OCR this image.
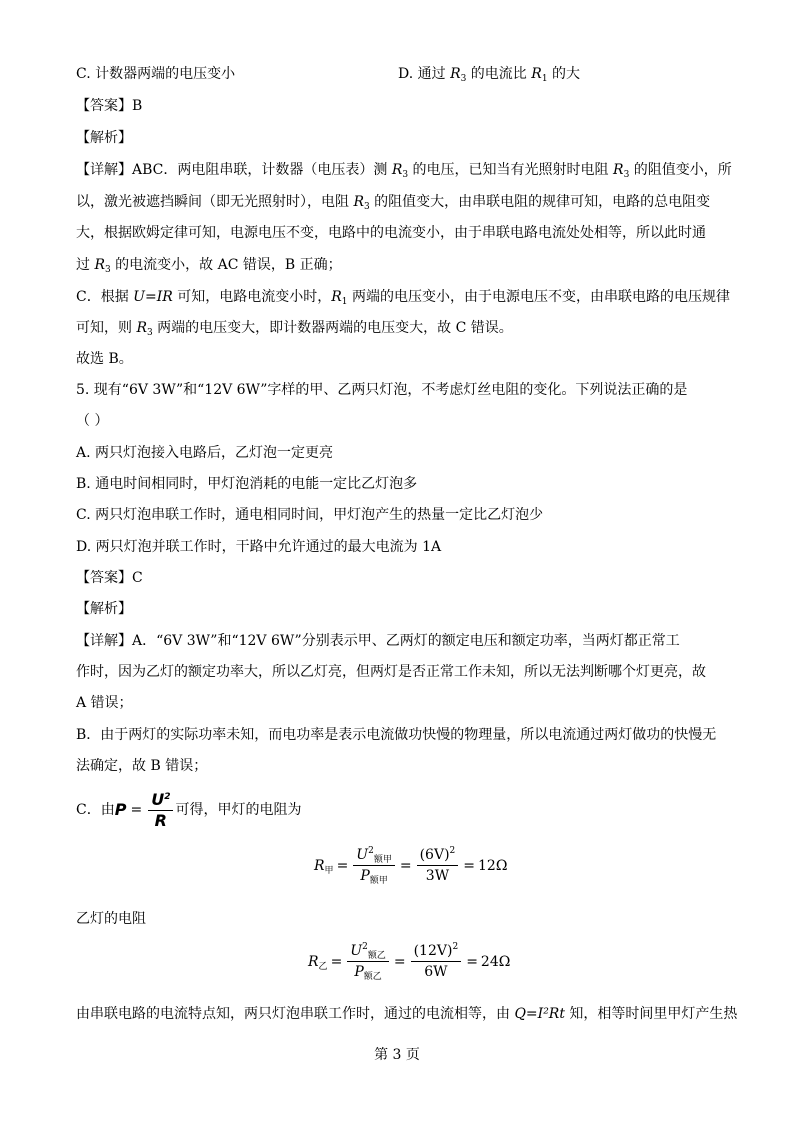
C. 计数器两端的电压变小	D. 通过 $R_3$ 的电流比 $R_1$ 的大
【答案】B
【解析】
【详解】ABC．两电阻串联，计数器（电压表）测 $R_3$ 的电压，已知当有光照射时电阻 $R_3$ 的阻值变小，所
以，激光被遮挡瞬间（即无光照射时），电阻 $R_3$ 的阻值变大，由串联电阻的规律可知，电路的总电阻变
大，根据欧姆定律可知，电源电压不变，电路中的电流变小，由于串联电路电流处处相等，所以此时通
过 $R_3$ 的电流变小，故 AC 错误，B 正确；
C．根据 U=IR 可知，电路电流变小时，$R_1$ 两端的电压变小，由于电源电压不变，由串联电路的电压规律
可知，则 $R_3$ 两端的电压变大，即计数器两端的电压变大，故 C 错误。
故选 B。
5. 现有“6V 3W”和“12V 6W”字样的甲、乙两只灯泡，不考虑灯丝电阻的变化。下列说法正确的是
（ ）
A. 两只灯泡接入电路后，乙灯泡一定更亮
B. 通电时间相同时，甲灯泡消耗的电能一定比乙灯泡多
C. 两只灯泡串联工作时，通电相同时间，甲灯泡产生的热量一定比乙灯泡少
D. 两只灯泡并联工作时，干路中允许通过的最大电流为 1A
【答案】C
【解析】
【详解】A．“6V 3W”和“12V 6W”分别表示甲、乙两灯的额定电压和额定功率，当两灯都正常工
作时，因为乙灯的额定功率大，所以乙灯亮，但两灯是否正常工作未知，所以无法判断哪个灯更亮，故
A 错误；
B．由于两灯的实际功率未知，而电功率是表示电流做功快慢的物理量，所以电流通过两灯做功的快慢无
法确定，故 B 错误；
C．由 $P = \frac{U^2}{R}$ 可得，甲灯的电阻为
$R_甲 = \frac{U^2_{额甲}}{P_{额甲}} = \frac{(6V)^2}{3W} = 12\Omega$
乙灯的电阻
$R_乙 = \frac{U^2_{额乙}}{P_{额乙}} = \frac{(12V)^2}{6W} = 24\Omega$
由串联电路的电流特点知，两只灯泡串联工作时，通过的电流相等，由 Q=I²Rt 知，相等时间里甲灯产生热
第 3 页
